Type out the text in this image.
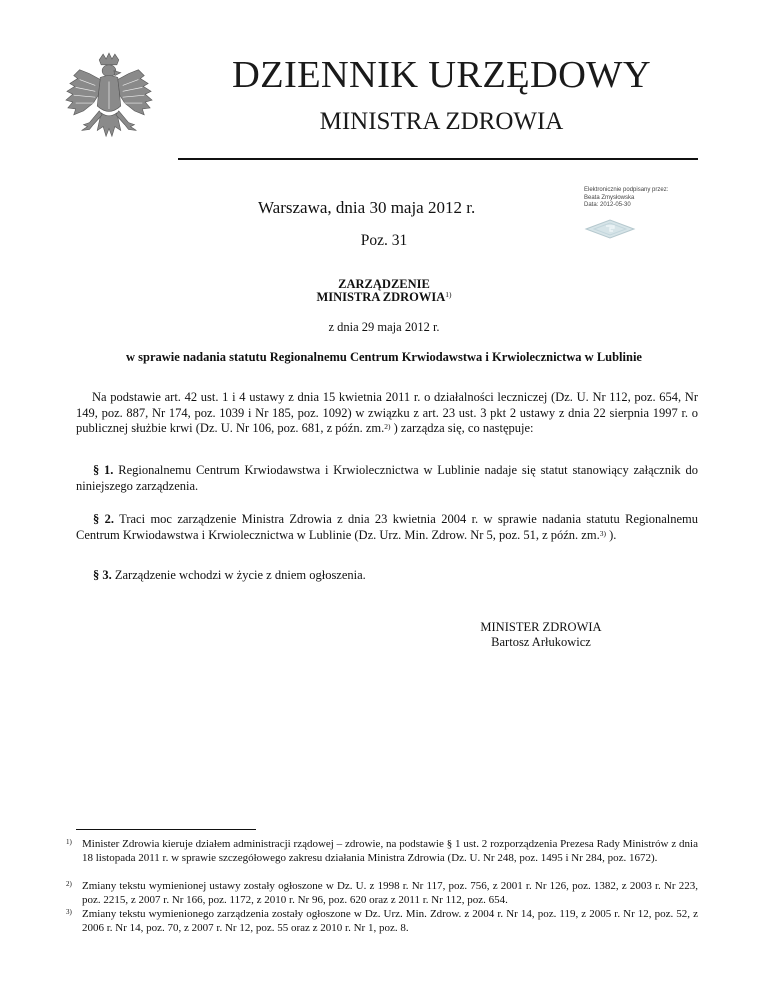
DZIENNIK URZĘDOWY
MINISTRA ZDROWIA
Warszawa, dnia 30 maja 2012 r.
Elektronicznie podpisany przez:
Beata Zmysłowska
Data: 2012-05-30
Poz. 31
ZARZĄDZENIE
MINISTRA ZDROWIA$^{1)}$
z dnia 29 maja 2012 r.
w sprawie nadania statutu Regionalnemu Centrum Krwiodawstwa i Krwiolecznictwa w Lublinie
Na podstawie art. 42 ust. 1 i 4 ustawy z dnia 15 kwietnia 2011 r. o działalności leczniczej (Dz. U. Nr 112, poz. 654, Nr 149, poz. 887, Nr 174, poz. 1039 i Nr 185, poz. 1092) w związku z art. 23 ust. 3 pkt 2 ustawy z dnia 22 sierpnia 1997 r. o publicznej służbie krwi (Dz. U. Nr 106, poz. 681, z późn. zm.$^{2)}$ ) zarządza się, co następuje:
§ 1. Regionalnemu Centrum Krwiodawstwa i Krwiolecznictwa w Lublinie nadaje się statut stanowiący załącznik do niniejszego zarządzenia.
§ 2. Traci moc zarządzenie Ministra Zdrowia z dnia 23 kwietnia 2004 r. w sprawie nadania statutu Regionalnemu Centrum Krwiodawstwa i Krwiolecznictwa w Lublinie (Dz. Urz. Min. Zdrow. Nr 5, poz. 51, z późn. zm.$^{3)}$ ).
§ 3. Zarządzenie wchodzi w życie z dniem ogłoszenia.
MINISTER ZDROWIA
Bartosz Arłukowicz
1) Minister Zdrowia kieruje działem administracji rządowej – zdrowie, na podstawie § 1 ust. 2 rozporządzenia Prezesa Rady Ministrów z dnia 18 listopada 2011 r. w sprawie szczegółowego zakresu działania Ministra Zdrowia (Dz. U. Nr 248, poz. 1495 i Nr 284, poz. 1672).
2) Zmiany tekstu wymienionej ustawy zostały ogłoszone w Dz. U. z 1998 r. Nr 117, poz. 756, z 2001 r. Nr 126, poz. 1382, z 2003 r. Nr 223, poz. 2215, z 2007 r. Nr 166, poz. 1172, z 2010 r. Nr 96, poz. 620 oraz z 2011 r. Nr 112, poz. 654.
3) Zmiany tekstu wymienionego zarządzenia zostały ogłoszone w Dz. Urz. Min. Zdrow. z 2004 r. Nr 14, poz. 119, z 2005 r. Nr 12, poz. 52, z 2006 r. Nr 14, poz. 70, z 2007 r. Nr 12, poz. 55 oraz z 2010 r. Nr 1, poz. 8.
